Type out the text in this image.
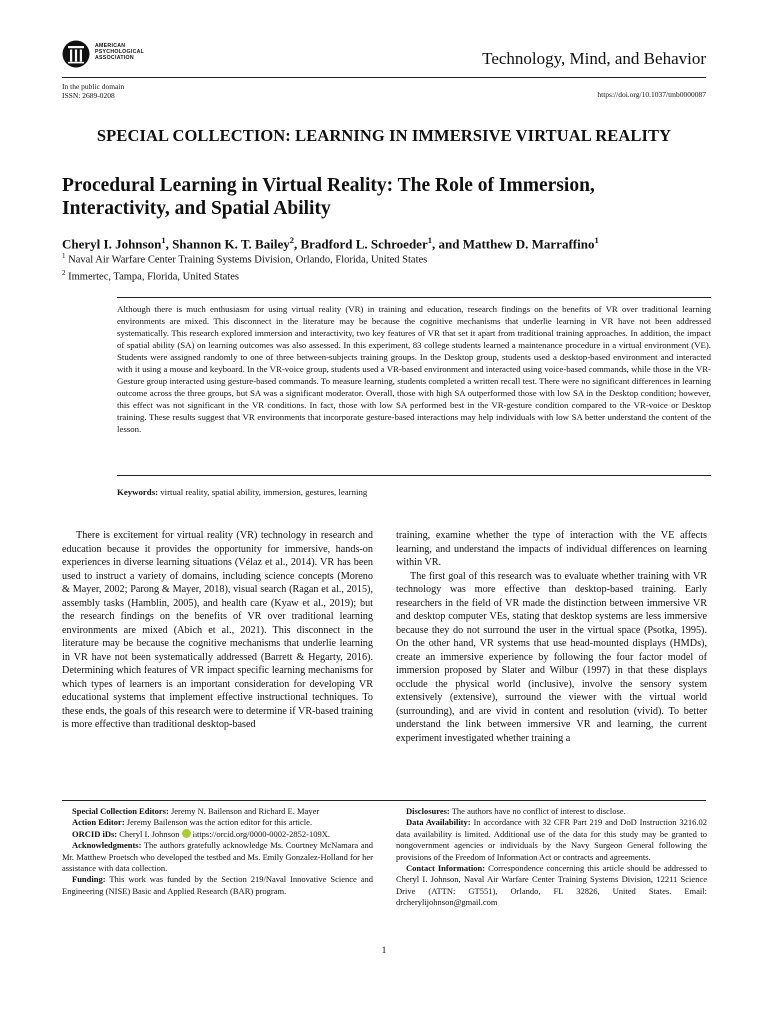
AMERICAN
PSYCHOLOGICAL
ASSOCIATION	Technology, Mind, and Behavior
In the public domain
ISSN: 2689-0208	https://doi.org/10.1037/tmb0000087
SPECIAL COLLECTION: LEARNING IN IMMERSIVE VIRTUAL REALITY
Procedural Learning in Virtual Reality: The Role of Immersion,
Interactivity, and Spatial Ability
Cheryl I. Johnson$^1$, Shannon K. T. Bailey$^2$, Bradford L. Schroeder$^1$, and Matthew D. Marraffino$^1$
$^1$ Naval Air Warfare Center Training Systems Division, Orlando, Florida, United States
$^2$ Immertec, Tampa, Florida, United States
Although there is much enthusiasm for using virtual reality (VR) in training and education, research findings on the benefits of VR over traditional learning environments are mixed. This disconnect in the literature may be because the cognitive mechanisms that underlie learning in VR have not been addressed systematically. This research explored immersion and interactivity, two key features of VR that set it apart from traditional training approaches. In addition, the impact of spatial ability (SA) on learning outcomes was also assessed. In this experiment, 83 college students learned a maintenance procedure in a virtual environment (VE). Students were assigned randomly to one of three between-subjects training groups. In the Desktop group, students used a desktop-based environment and interacted with it using a mouse and keyboard. In the VR-voice group, students used a VR-based environment and interacted using voice-based commands, while those in the VR-Gesture group interacted using gesture-based commands. To measure learning, students completed a written recall test. There were no significant differences in learning outcome across the three groups, but SA was a significant moderator. Overall, those with high SA outperformed those with low SA in the Desktop condition; however, this effect was not significant in the VR conditions. In fact, those with low SA performed best in the VR-gesture condition compared to the VR-voice or Desktop training. These results suggest that VR environments that incorporate gesture-based interactions may help individuals with low SA better understand the content of the lesson.
Keywords: virtual reality, spatial ability, immersion, gestures, learning

There is excitement for virtual reality (VR) technology in research and education because it provides the opportunity for immersive, hands-on experiences in diverse learning situations (Vélaz et al., 2014). VR has been used to instruct a variety of domains, including science concepts (Moreno & Mayer, 2002; Parong & Mayer, 2018), visual search (Ragan et al., 2015), assembly tasks (Hamblin, 2005), and health care (Kyaw et al., 2019); but the research findings on the benefits of VR over traditional learning environments are mixed (Abich et al., 2021). This disconnect in the literature may be because the cognitive mechanisms that underlie learning in VR have not been systematically addressed (Barrett & Hegarty, 2016). Determining which features of VR impact specific learning mechanisms for which types of learners is an important consideration for developing VR educational systems that implement effective instructional techniques. To these ends, the goals of this research were to determine if VR-based training is more effective than traditional desktop-based

training, examine whether the type of interaction with the VE affects learning, and understand the impacts of individual differences on learning within VR.

The first goal of this research was to evaluate whether training with VR technology was more effective than desktop-based training. Early researchers in the field of VR made the distinction between immersive VR and desktop computer VEs, stating that desktop systems are less immersive because they do not surround the user in the virtual space (Psotka, 1995). On the other hand, VR systems that use head-mounted displays (HMDs), create an immersive experience by following the four factor model of immersion proposed by Slater and Wilbur (1997) in that these displays occlude the physical world (inclusive), involve the sensory system extensively (extensive), surround the viewer with the virtual world (surrounding), and are vivid in content and resolution (vivid). To better understand the link between immersive VR and learning, the current experiment investigated whether training a

Special Collection Editors: Jeremy N. Bailenson and Richard E. Mayer

Action Editor: Jeremy Bailenson was the action editor for this article.

ORCID iDs: Cheryl I. Johnson iD https://orcid.org/0000-0002-2852-109X.

Acknowledgments: The authors gratefully acknowledge Ms. Courtney McNamara and Mr. Matthew Proetsch who developed the testbed and Ms. Emily Gonzalez-Holland for her assistance with data collection.

Funding: This work was funded by the Section 219/Naval Innovative Science and Engineering (NISE) Basic and Applied Research (BAR) program.

Disclosures: The authors have no conflict of interest to disclose.

Data Availability: In accordance with 32 CFR Part 219 and DoD Instruction 3216.02 data availability is limited. Additional use of the data for this study may be granted to nongovernment agencies or individuals by the Navy Surgeon General following the provisions of the Freedom of Information Act or contracts and agreements.

Contact Information: Correspondence concerning this article should be addressed to Cheryl I. Johnson, Naval Air Warfare Center Training Systems Division, 12211 Science Drive (ATTN: GT551), Orlando, FL 32826, United States. Email: drcherylijohnson@gmail.com

1
